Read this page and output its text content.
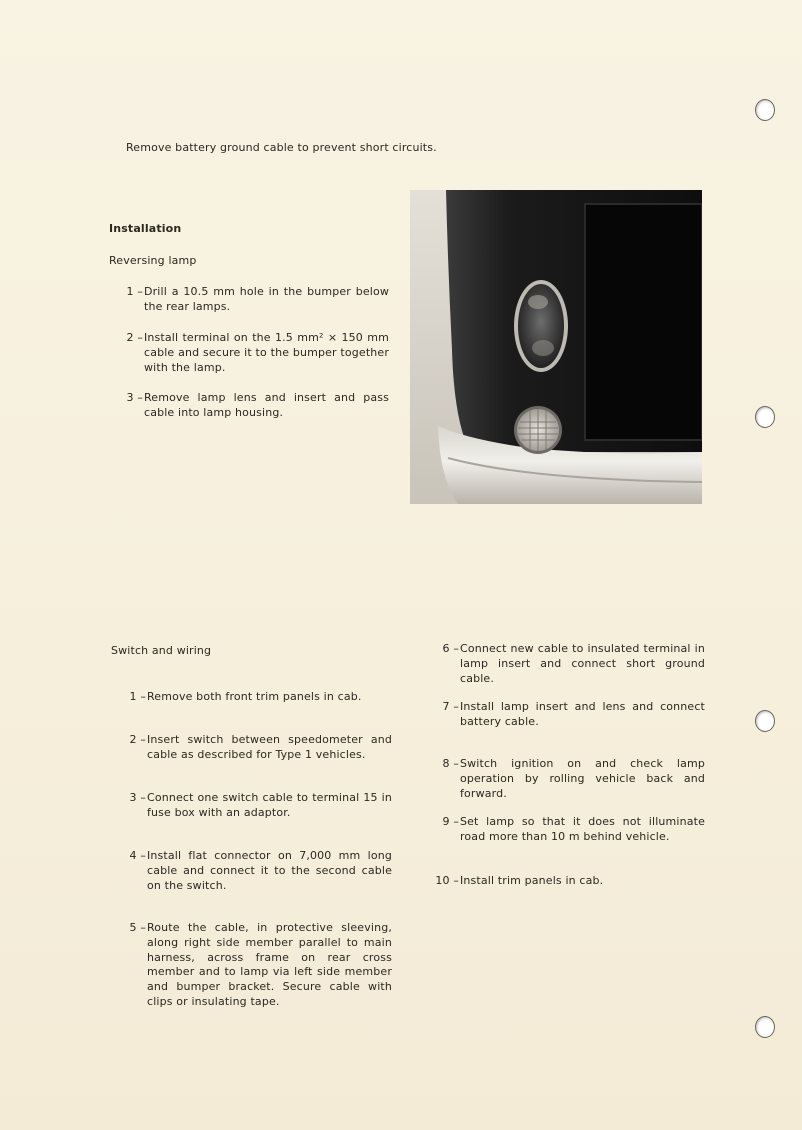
Remove battery ground cable to prevent short circuits.
Installation
Reversing lamp
1 – Drill a 10.5 mm hole in the bumper below the rear lamps.
2 – Install terminal on the 1.5 mm² × 150 mm cable and secure it to the bumper together with the lamp.
3 – Remove lamp lens and insert and pass cable into lamp housing.
Switch and wiring
1 – Remove both front trim panels in cab.
2 – Insert switch between speedometer and cable as described for Type 1 vehicles.
3 – Connect one switch cable to terminal 15 in fuse box with an adaptor.
4 – Install flat connector on 7,000 mm long cable and connect it to the second cable on the switch.
5 – Route the cable, in protective sleeving, along right side member parallel to main harness, across frame on rear cross member and to lamp via left side member and bumper bracket. Secure cable with clips or insulating tape.
6 – Connect new cable to insulated terminal in lamp insert and connect short ground cable.
7 – Install lamp insert and lens and connect battery cable.
8 – Switch ignition on and check lamp operation by rolling vehicle back and forward.
9 – Set lamp so that it does not illuminate road more than 10 m behind vehicle.
10 – Install trim panels in cab.
